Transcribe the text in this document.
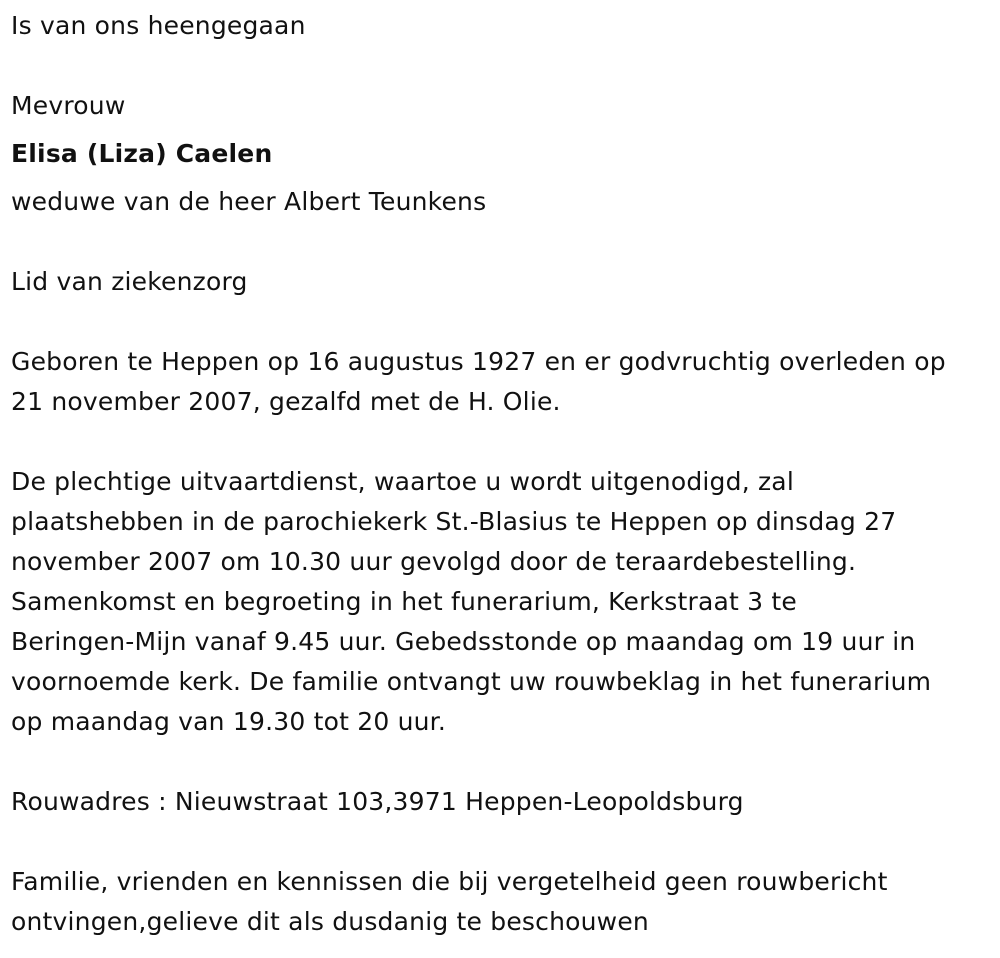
Is van ons heengegaan

Mevrouw

Elisa (Liza) Caelen

weduwe van de heer Albert Teunkens

Lid van ziekenzorg

Geboren te Heppen op 16 augustus 1927 en er godvruchtig overleden op

21 november 2007, gezalfd met de H. Olie.

De plechtige uitvaartdienst, waartoe u wordt uitgenodigd, zal

plaatshebben in de parochiekerk St.-Blasius te Heppen op dinsdag 27

november 2007 om 10.30 uur gevolgd door de teraardebestelling.

Samenkomst en begroeting in het funerarium, Kerkstraat 3 te

Beringen-Mijn vanaf 9.45 uur. Gebedsstonde op maandag om 19 uur in

voornoemde kerk. De familie ontvangt uw rouwbeklag in het funerarium

op maandag van 19.30 tot 20 uur.

Rouwadres : Nieuwstraat 103,3971 Heppen-Leopoldsburg

Familie, vrienden en kennissen die bij vergetelheid geen rouwbericht

ontvingen,gelieve dit als dusdanig te beschouwen
